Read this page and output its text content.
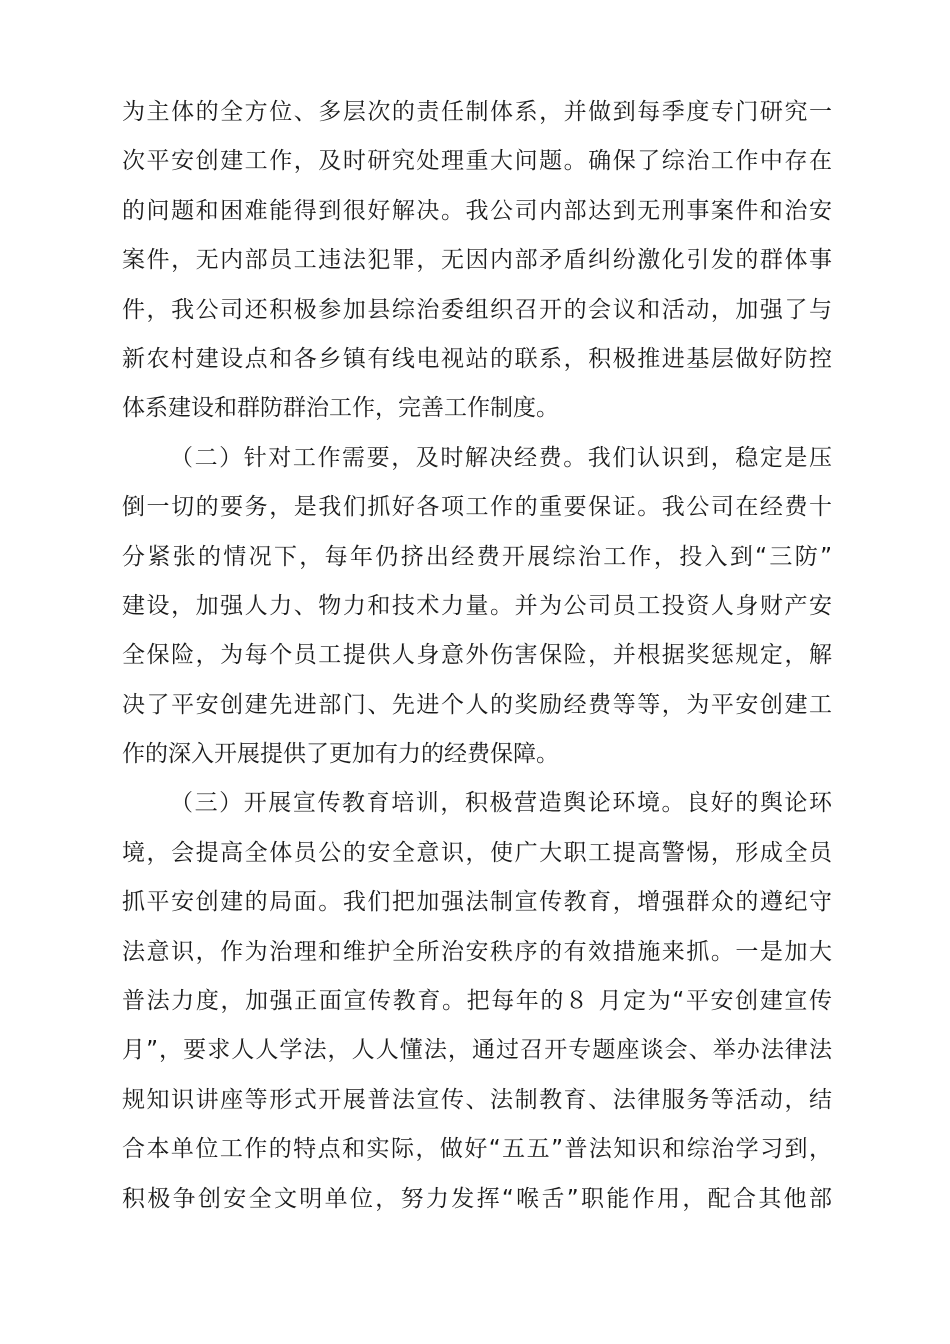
为主体的全方位、多层次的责任制体系，并做到每季度专门研究一
次平安创建工作，及时研究处理重大问题。确保了综治工作中存在
的问题和困难能得到很好解决。我公司内部达到无刑事案件和治安
案件，无内部员工违法犯罪，无因内部矛盾纠纷激化引发的群体事
件，我公司还积极参加县综治委组织召开的会议和活动，加强了与
新农村建设点和各乡镇有线电视站的联系，积极推进基层做好防控
体系建设和群防群治工作，完善工作制度。
（二）针对工作需要，及时解决经费。我们认识到，稳定是压
倒一切的要务，是我们抓好各项工作的重要保证。我公司在经费十
分紧张的情况下，每年仍挤出经费开展综治工作，投入到“三防”
建设，加强人力、物力和技术力量。并为公司员工投资人身财产安
全保险，为每个员工提供人身意外伤害保险，并根据奖惩规定，解
决了平安创建先进部门、先进个人的奖励经费等等，为平安创建工
作的深入开展提供了更加有力的经费保障。
（三）开展宣传教育培训，积极营造舆论环境。良好的舆论环
境，会提高全体员公的安全意识，使广大职工提高警惕，形成全员
抓平安创建的局面。我们把加强法制宣传教育，增强群众的遵纪守
法意识，作为治理和维护全所治安秩序的有效措施来抓。一是加大
普法力度，加强正面宣传教育。把每年的８ 月定为“平安创建宣传
月”，要求人人学法，人人懂法，通过召开专题座谈会、举办法律法
规知识讲座等形式开展普法宣传、法制教育、法律服务等活动，结
合本单位工作的特点和实际，做好“五五”普法知识和综治学习到，
积极争创安全文明单位，努力发挥“喉舌”职能作用，配合其他部
